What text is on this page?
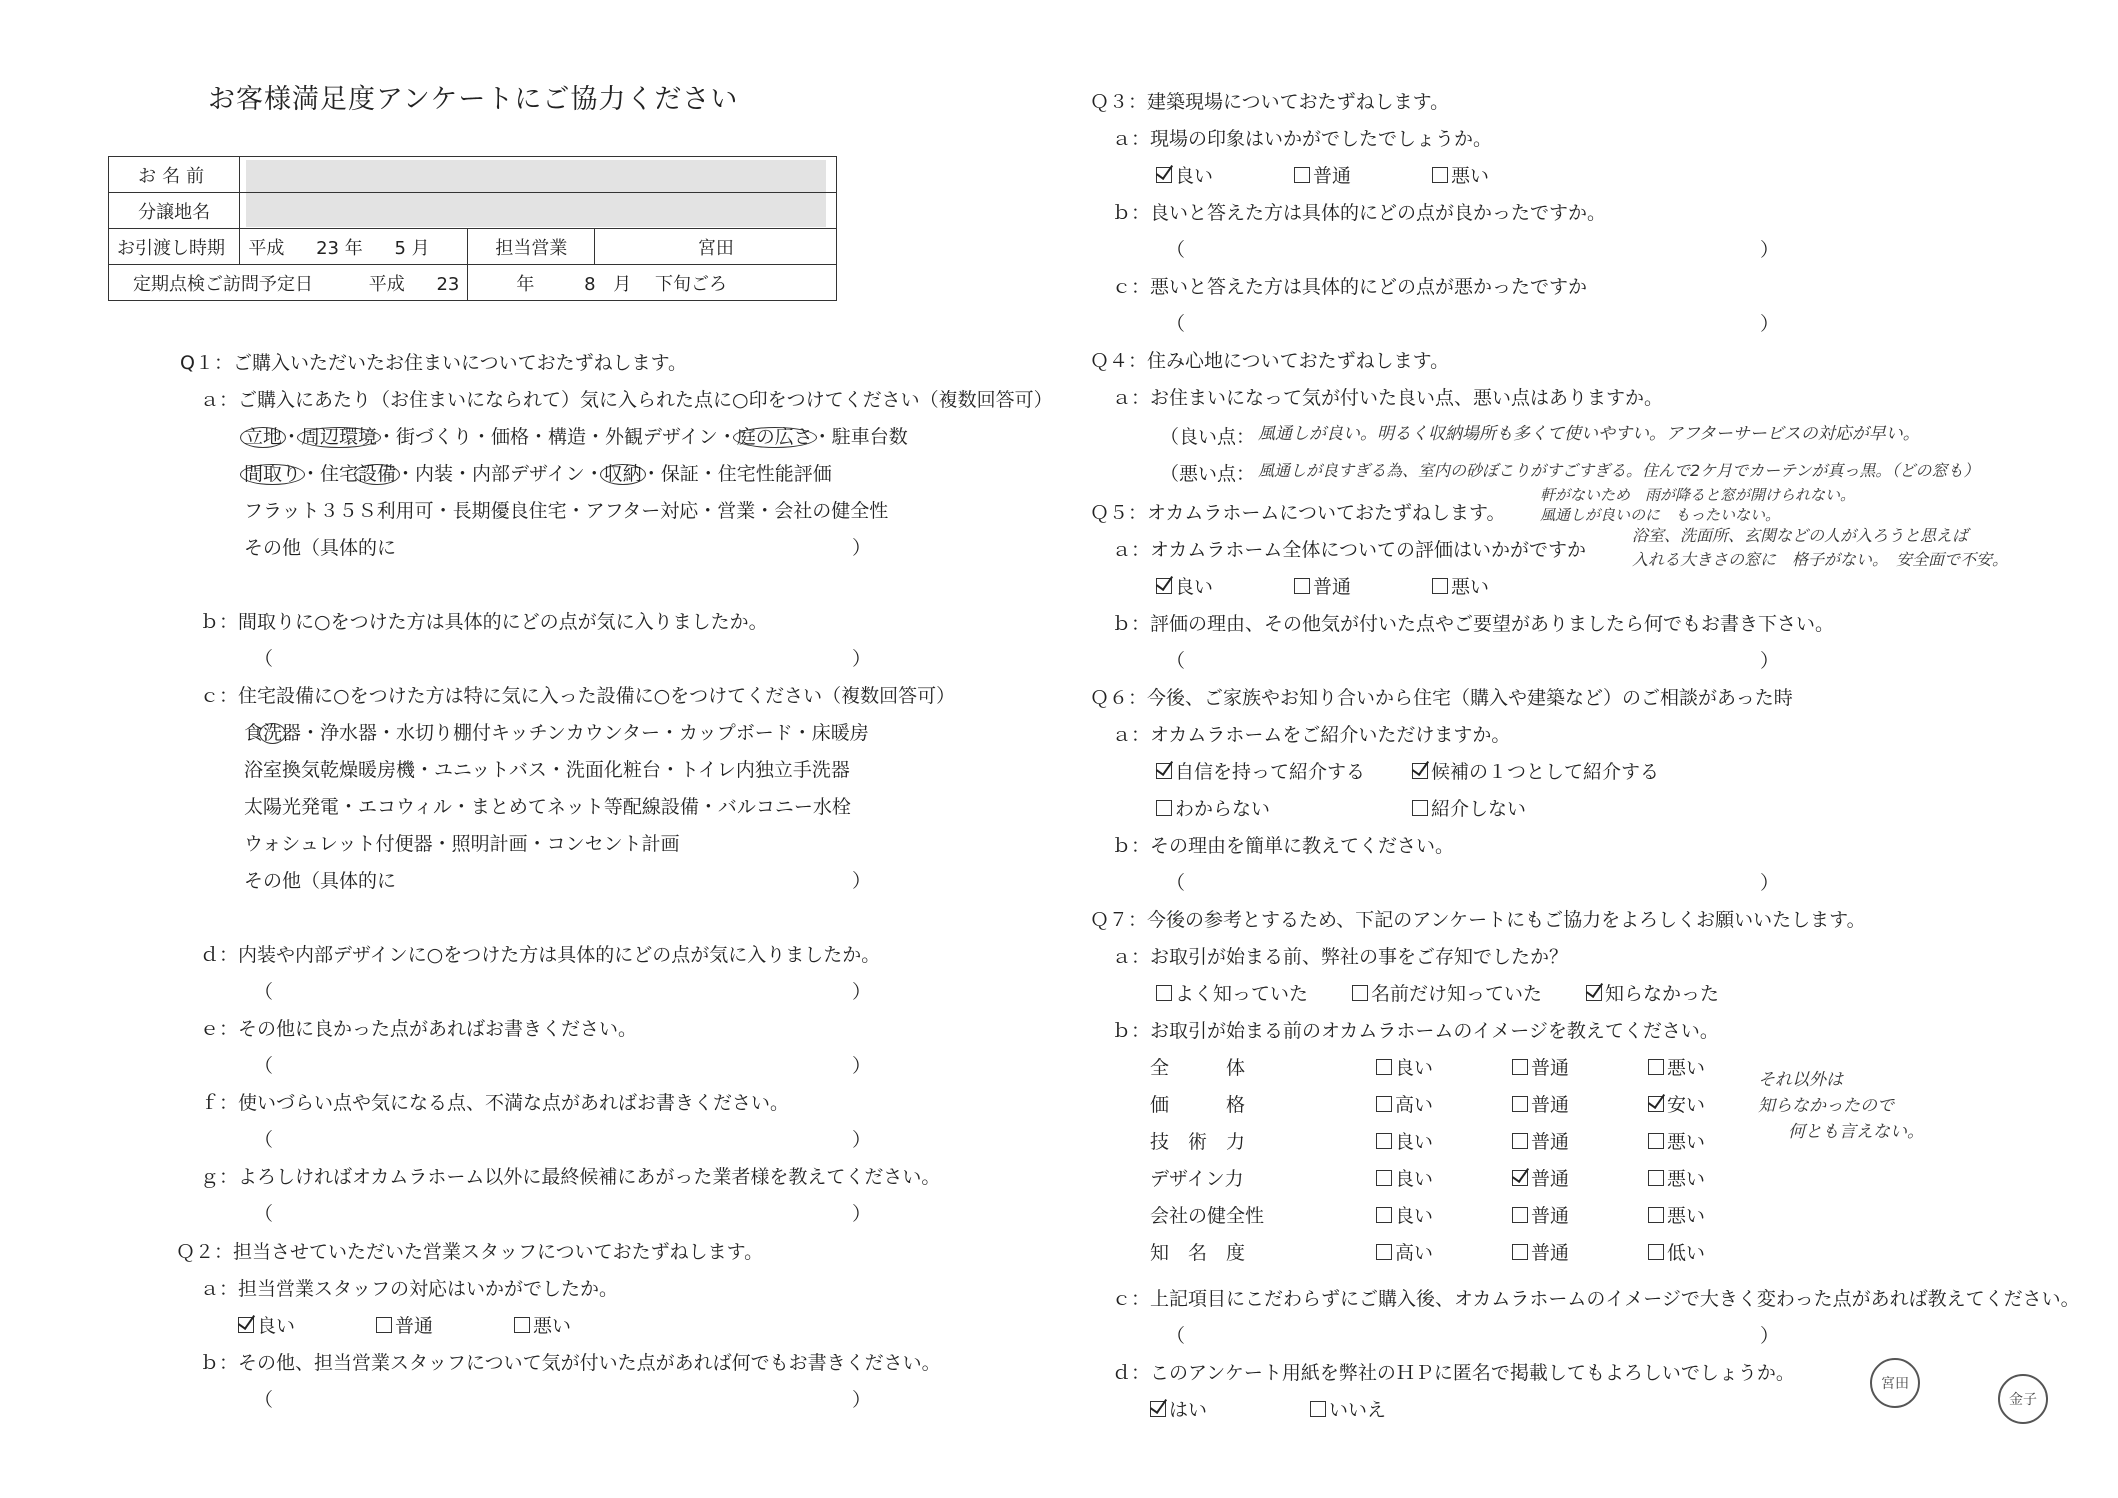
お客様満足度アンケートにご協力ください
お名前			
分譲地名			
お引渡し時期	平成 23 年 5 月	担当営業	宮田
定期点検ご訪問予定日 平成 23		年 8 月 下旬ごろ	
Q１：ご購入いただいたお住まいについておたずねします。
ａ：ご購入にあたり（お住まいになられて）気に入られた点に○印をつけてください（複数回答可）
立地・周辺環境・街づくり・価格・構造・外観デザイン・庭の広さ・駐車台数
間取り・住宅設備・内装・内部デザイン・収納・保証・住宅性能評価
フラット３５Ｓ利用可・長期優良住宅・アフター対応・営業・会社の健全性
その他（具体的に	）
ｂ：間取りに○をつけた方は具体的にどの点が気に入りましたか。
（	）
ｃ：住宅設備に○をつけた方は特に気に入った設備に○をつけてください（複数回答可）
食洗器・浄水器・水切り棚付キッチンカウンター・カップボード・床暖房
浴室換気乾燥暖房機・ユニットバス・洗面化粧台・トイレ内独立手洗器
太陽光発電・エコウィル・まとめてネット等配線設備・バルコニー水栓
ウォシュレット付便器・照明計画・コンセント計画
その他（具体的に	）
ｄ：内装や内部デザインに○をつけた方は具体的にどの点が気に入りましたか。
（	）
ｅ：その他に良かった点があればお書きください。
（	）
ｆ：使いづらい点や気になる点、不満な点があればお書きください。
（	）
ｇ：よろしければオカムラホーム以外に最終候補にあがった業者様を教えてください。
（	）
Ｑ２：担当させていただいた営業スタッフについておたずねします。
ａ：担当営業スタッフの対応はいかがでしたか。
良い	普通	悪い
ｂ：その他、担当営業スタッフについて気が付いた点があれば何でもお書きください。
（	）
Ｑ３：建築現場についておたずねします。
ａ：現場の印象はいかがでしたでしょうか。
良い	普通	悪い
ｂ：良いと答えた方は具体的にどの点が良かったですか。
（	）
ｃ：悪いと答えた方は具体的にどの点が悪かったですか
（	）
Ｑ４：住み心地についておたずねします。
ａ：お住まいになって気が付いた良い点、悪い点はありますか。
（良い点： 風通しが良い。明るく収納場所も多くて使いやすい。アフターサービスの対応が早い。
（悪い点： 風通しが良すぎる為、室内の砂ぼこりがすごすぎる。住んで2ケ月でカーテンが真っ黒。（どの窓も）
軒がないため　雨が降ると窓が開けられない。
風通しが良いのに　もったいない。
Ｑ５：オカムラホームについておたずねします。
ａ：オカムラホーム全体についての評価はいかがですか
浴室、洗面所、玄関などの人が入ろうと思えば
入れる大きさの窓に　格子がない。　安全面で不安。
良い	普通	悪い
ｂ：評価の理由、その他気が付いた点やご要望がありましたら何でもお書き下さい。
（	）
Ｑ６：今後、ご家族やお知り合いから住宅（購入や建築など）のご相談があった時
ａ：オカムラホームをご紹介いただけますか。
自信を持って紹介する	候補の１つとして紹介する
わからない	紹介しない
ｂ：その理由を簡単に教えてください。
（	）
Ｑ７：今後の参考とするため、下記のアンケートにもご協力をよろしくお願いいたします。
ａ：お取引が始まる前、弊社の事をご存知でしたか？
よく知っていた	名前だけ知っていた	知らなかった
ｂ：お取引が始まる前のオカムラホームのイメージを教えてください。
全　　　体	良い	普通	悪い
価　　　格	高い	普通	安い
技　術　力	良い	普通	悪い
デザイン力	良い	普通	悪い
会社の健全性	良い	普通	悪い
知　名　度	高い	普通	低い
それ以外は
知らなかったので
何とも言えない。
ｃ：上記項目にこだわらずにご購入後、オカムラホームのイメージで大きく変わった点があれば教えてください。
（	）
ｄ：このアンケート用紙を弊社のＨＰに匿名で掲載してもよろしいでしょうか。
はい	いいえ
宮田
金子
